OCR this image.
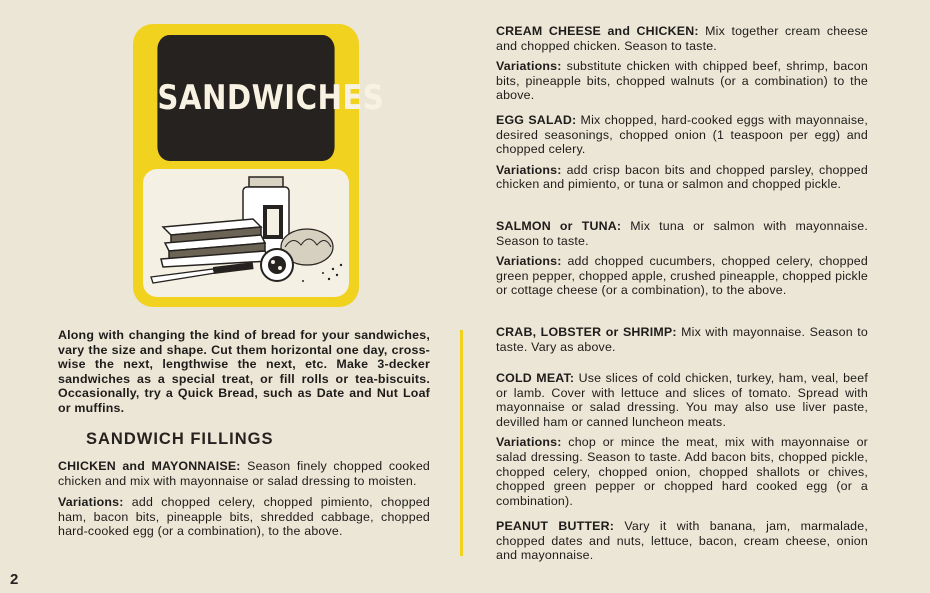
SANDWICHES

Along with changing the kind of bread for your sandwiches, vary the size and shape. Cut them horizontal one day, cross-wise the next, lengthwise the next, etc. Make 3-decker sandwiches as a special treat, or fill rolls or tea-biscuits. Occasionally, try a Quick Bread, such as Date and Nut Loaf or muffins.

SANDWICH FILLINGS

CHICKEN and MAYONNAISE: Season finely chopped cooked chicken and mix with mayonnaise or salad dressing to moisten.

Variations: add chopped celery, chopped pimiento, chopped ham, bacon bits, pineapple bits, shredded cabbage, chopped hard-cooked egg (or a combination), to the above.

CREAM CHEESE and CHICKEN: Mix together cream cheese and chopped chicken. Season to taste.

Variations: substitute chicken with chipped beef, shrimp, bacon bits, pineapple bits, chopped walnuts (or a combination) to the above.

EGG SALAD: Mix chopped, hard-cooked eggs with mayonnaise, desired seasonings, chopped onion (1 teaspoon per egg) and chopped celery.

Variations: add crisp bacon bits and chopped parsley, chopped chicken and pimiento, or tuna or salmon and chopped pickle.

SALMON or TUNA: Mix tuna or salmon with mayonnaise. Season to taste.

Variations: add chopped cucumbers, chopped celery, chopped green pepper, chopped apple, crushed pineapple, chopped pickle or cottage cheese (or a combination), to the above.

CRAB, LOBSTER or SHRIMP: Mix with mayonnaise. Season to taste. Vary as above.

COLD MEAT: Use slices of cold chicken, turkey, ham, veal, beef or lamb. Cover with lettuce and slices of tomato. Spread with mayonnaise or salad dressing. You may also use liver paste, devilled ham or canned luncheon meats.

Variations: chop or mince the meat, mix with mayonnaise or salad dressing. Season to taste. Add bacon bits, chopped pickle, chopped celery, chopped onion, chopped shallots or chives, chopped green pepper or chopped hard cooked egg (or a combination).

PEANUT BUTTER: Vary it with banana, jam, marmalade, chopped dates and nuts, lettuce, bacon, cream cheese, onion and mayonnaise.

2
